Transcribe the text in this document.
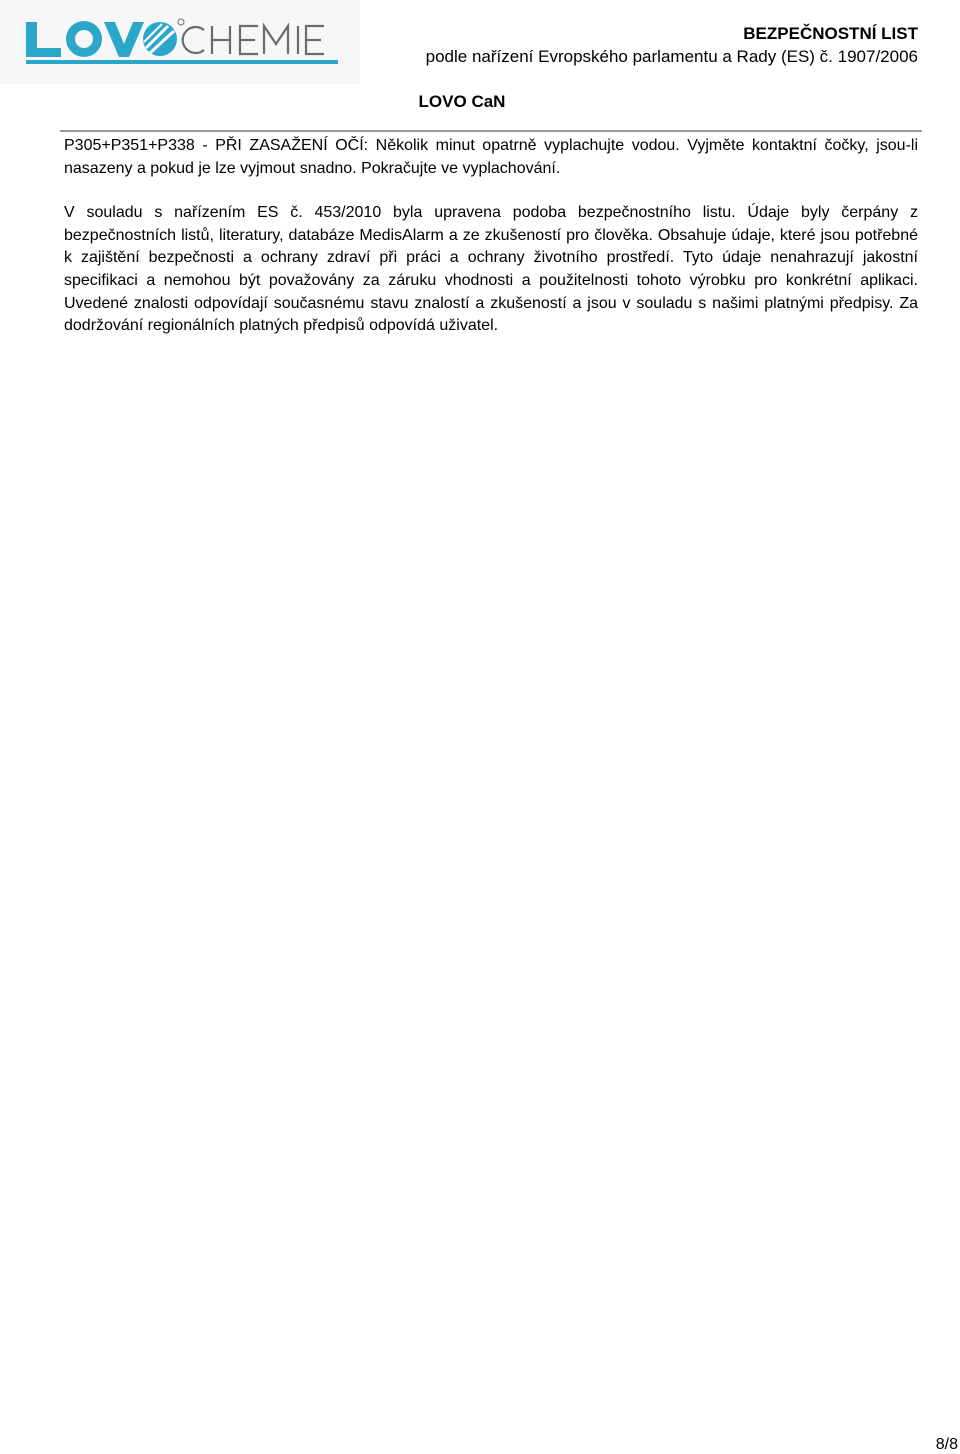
BEZPEČNOSTNÍ LIST
podle nařízení Evropského parlamentu a Rady (ES) č. 1907/2006
LOVO CaN

P305+P351+P338 - PŘI ZASAŽENÍ OČÍ: Několik minut opatrně vyplachujte vodou. Vyjměte kontaktní čočky, jsou-li nasazeny a pokud je lze vyjmout snadno. Pokračujte ve vyplachování.

V souladu s nařízením ES č. 453/2010 byla upravena podoba bezpečnostního listu. Údaje byly čerpány z bezpečnostních listů, literatury, databáze MedisAlarm a ze zkušeností pro člověka. Obsahuje údaje, které jsou potřebné k zajištění bezpečnosti a ochrany zdraví při práci a ochrany životního prostředí. Tyto údaje nenahrazují jakostní specifikaci a nemohou být považovány za záruku vhodnosti a použitelnosti tohoto výrobku pro konkrétní aplikaci. Uvedené znalosti odpovídají současnému stavu znalostí a zkušeností a jsou v souladu s našimi platnými předpisy. Za dodržování regionálních platných předpisů odpovídá uživatel.

8/8
